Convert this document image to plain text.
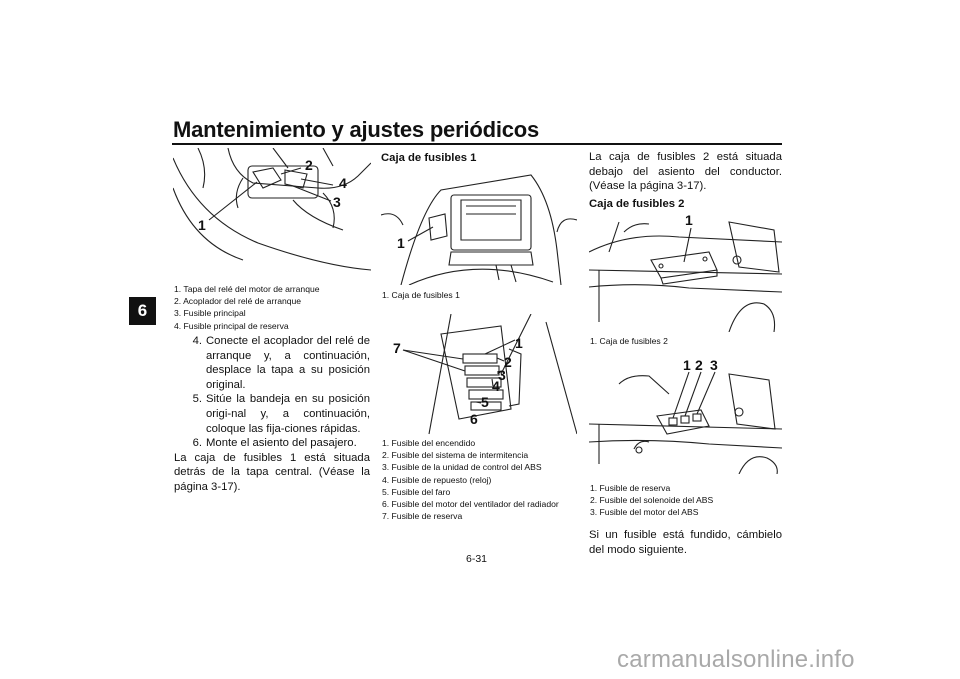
Mantenimiento y ajustes periódicos
6
2
4
3
1
1. Tapa del relé del motor de arranque
2. Acoplador del relé de arranque
3. Fusible principal
4. Fusible principal de reserva
4. Conecte el acoplador del relé de arranque y, a continuación, desplace la tapa a su posición original.
5. Sitúe la bandeja en su posición origi-nal y, a continuación, coloque las fija-ciones rápidas.
6. Monte el asiento del pasajero.
La caja de fusibles 1 está situada detrás de la tapa central. (Véase la página 3-17).
Caja de fusibles 1
1
1. Caja de fusibles 1
1
2
3
4
5
6
7
1. Fusible del encendido
2. Fusible del sistema de intermitencia
3. Fusible de la unidad de control del ABS
4. Fusible de repuesto (reloj)
5. Fusible del faro
6. Fusible del motor del ventilador del radiador
7. Fusible de reserva
La caja de fusibles 2 está situada debajo del asiento del conductor. (Véase la página 3-17).
Caja de fusibles 2
1
1. Caja de fusibles 2
1 2 3
1. Fusible de reserva
2. Fusible del solenoide del ABS
3. Fusible del motor del ABS
Si un fusible está fundido, cámbielo del modo siguiente.
6-31
carmanualsonline.info
